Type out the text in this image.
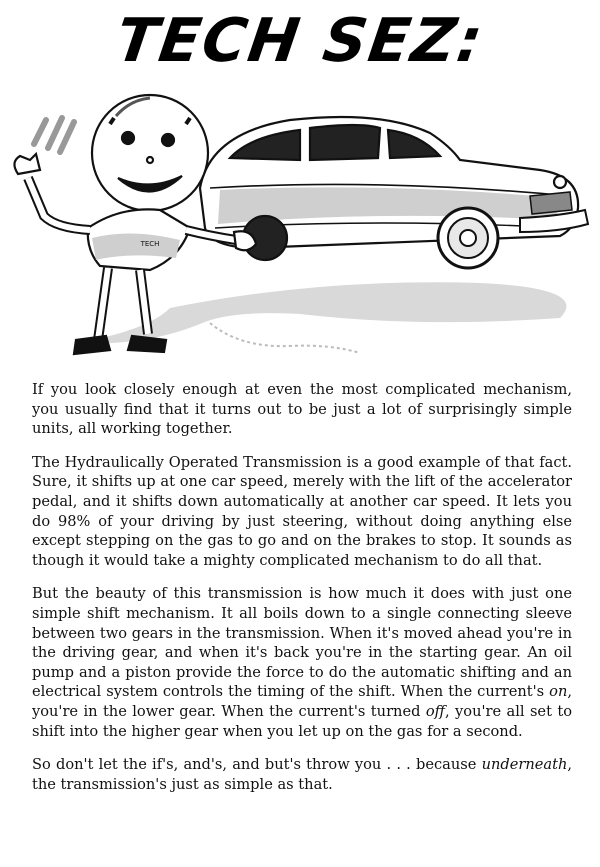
TECH SEZ:
TECH

If you look closely enough at even the most complicated mechanism, you usually find that it turns out to be just a lot of surprisingly simple units, all working together.

The Hydraulically Operated Transmission is a good example of that fact. Sure, it shifts up at one car speed, merely with the lift of the accelerator pedal, and it shifts down automatically at another car speed. It lets you do 98% of your driving by just steering, without doing anything else except stepping on the gas to go and on the brakes to stop. It sounds as though it would take a mighty complicated mechanism to do all that.

But the beauty of this transmission is how much it does with just one simple shift mechanism. It all boils down to a single connecting sleeve between two gears in the transmission. When it's moved ahead you're in the driving gear, and when it's back you're in the starting gear. An oil pump and a piston provide the force to do the automatic shifting and an electrical system controls the timing of the shift. When the current's on, you're in the lower gear. When the current's turned off, you're all set to shift into the higher gear when you let up on the gas for a second.

So don't let the if's, and's, and but's throw you . . . because underneath, the transmission's just as simple as that.
